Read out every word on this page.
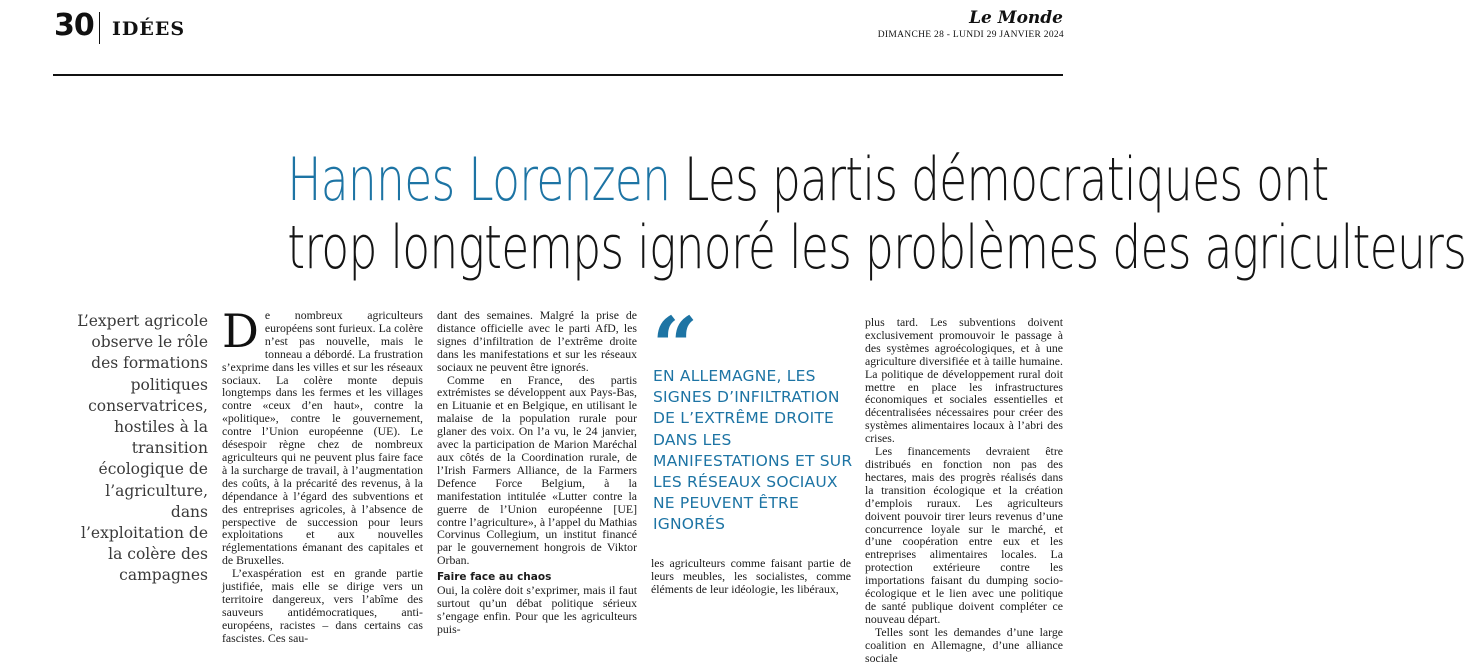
30 IDÉES	Le Monde
DIMANCHE 28 - LUNDI 29 JANVIER 2024
Hannes Lorenzen Les partis démocratiques ont
trop longtemps ignoré les problèmes des agriculteurs
L’expert agricole observe le rôle des formations politiques conservatrices, hostiles à la transition écologique de l’agriculture, dans l’exploitation de la colère des campagnes

De nombreux agriculteurs européens sont furieux. La colère n’est pas nouvelle, mais le tonneau a débordé. La frustration s’exprime dans les villes et sur les réseaux sociaux. La colère monte depuis longtemps dans les fermes et les villages contre «ceux d’en haut», contre la «politique», contre le gouvernement, contre l’Union européenne (UE). Le désespoir règne chez de nombreux agriculteurs qui ne peuvent plus faire face à la surcharge de travail, à l’augmentation des coûts, à la précarité des revenus, à la dépendance à l’égard des subventions et des entreprises agricoles, à l’absence de perspective de succession pour leurs exploitations et aux nouvelles réglementations émanant des capitales et de Bruxelles.

L’exaspération est en grande partie justifiée, mais elle se dirige vers un territoire dangereux, vers l’abîme des sauveurs antidémocratiques, anti-européens, racistes – dans certains cas fascistes. Ces sau-

dant des semaines. Malgré la prise de distance officielle avec le parti AfD, les signes d’infiltration de l’extrême droite dans les manifestations et sur les réseaux sociaux ne peuvent être ignorés.

Comme en France, des partis extrémistes se développent aux Pays-Bas, en Lituanie et en Belgique, en utilisant le malaise de la population rurale pour glaner des voix. On l’a vu, le 24 janvier, avec la participation de Marion Maréchal aux côtés de la Coordination rurale, de l’Irish Farmers Alliance, de la Farmers Defence Force Belgium, à la manifestation intitulée «Lutter contre la guerre de l’Union européenne [UE] contre l’agriculture», à l’appel du Mathias Corvinus Collegium, un institut financé par le gouvernement hongrois de Viktor Orban.

Faire face au chaos

Oui, la colère doit s’exprimer, mais il faut surtout qu’un débat politique sérieux s’engage enfin. Pour que les agriculteurs puis-

“
EN ALLEMAGNE, LES SIGNES D’INFILTRATION DE L’EXTRÊME DROITE DANS LES MANIFESTATIONS ET SUR LES RÉSEAUX SOCIAUX NE PEUVENT ÊTRE IGNORÉS

les agriculteurs comme faisant partie de leurs meubles, les socialistes, comme éléments de leur idéologie, les libéraux,

plus tard. Les subventions doivent exclusivement promouvoir le passage à des systèmes agroécologiques, et à une agriculture diversifiée et à taille humaine. La politique de développement rural doit mettre en place les infrastructures économiques et sociales essentielles et décentralisées nécessaires pour créer des systèmes alimentaires locaux à l’abri des crises.

Les financements devraient être distribués en fonction non pas des hectares, mais des progrès réalisés dans la transition écologique et la création d’emplois ruraux. Les agriculteurs doivent pouvoir tirer leurs revenus d’une concurrence loyale sur le marché, et d’une coopération entre eux et les entreprises alimentaires locales. La protection extérieure contre les importations faisant du dumping socio-écologique et le lien avec une politique de santé publique doivent compléter ce nouveau départ.

Telles sont les demandes d’une large coalition en Allemagne, d’une alliance sociale
